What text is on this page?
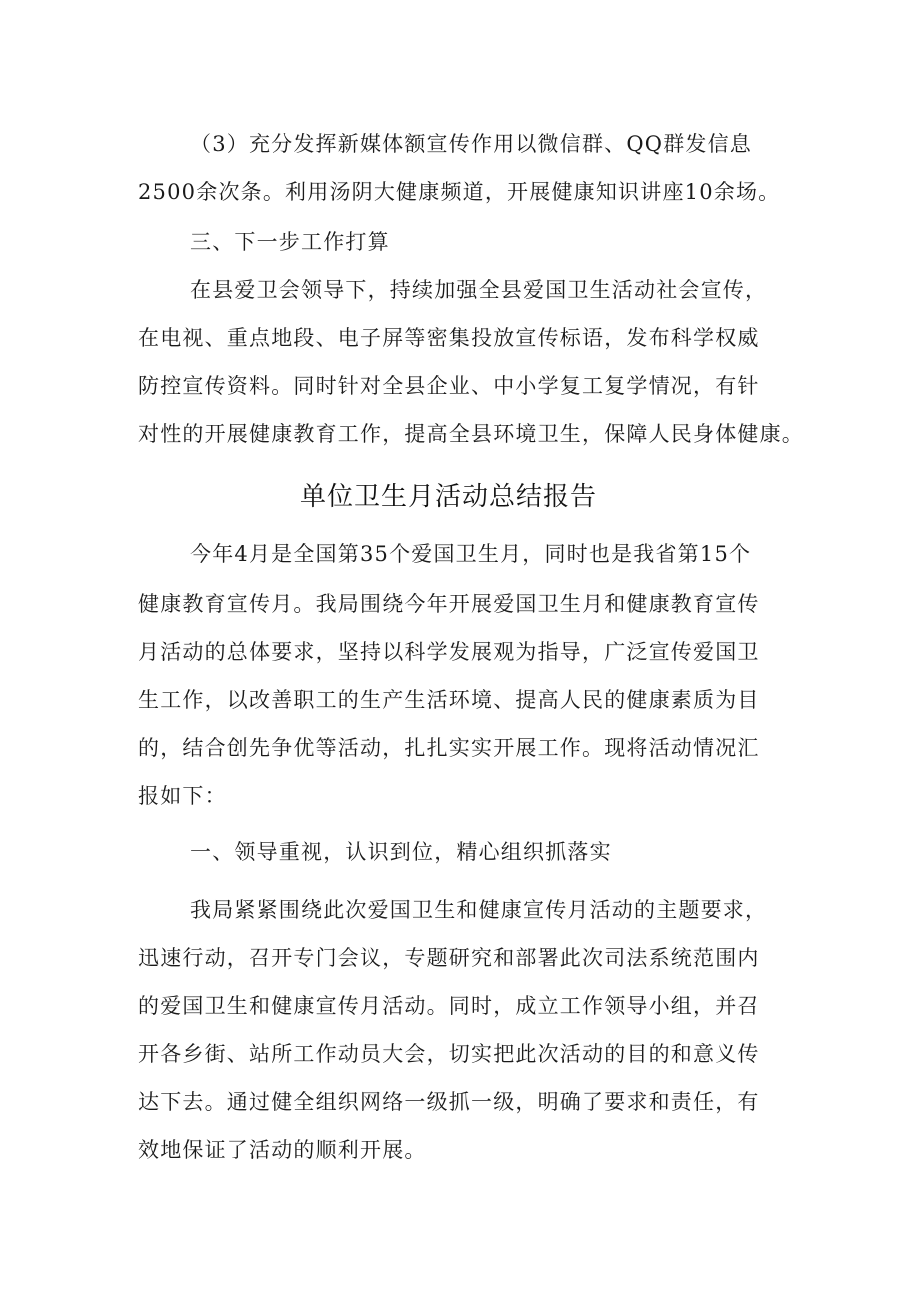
（3）充分发挥新媒体额宣传作用以微信群、QQ群发信息
2500余次条。利用汤阴大健康频道，开展健康知识讲座10余场。
三、下一步工作打算
在县爱卫会领导下，持续加强全县爱国卫生活动社会宣传，
在电视、重点地段、电子屏等密集投放宣传标语，发布科学权威
防控宣传资料。同时针对全县企业、中小学复工复学情况，有针
对性的开展健康教育工作，提高全县环境卫生，保障人民身体健康。
单位卫生月活动总结报告
今年4月是全国第35个爱国卫生月，同时也是我省第15个
健康教育宣传月。我局围绕今年开展爱国卫生月和健康教育宣传
月活动的总体要求，坚持以科学发展观为指导，广泛宣传爱国卫
生工作，以改善职工的生产生活环境、提高人民的健康素质为目
的，结合创先争优等活动，扎扎实实开展工作。现将活动情况汇
报如下：
一、领导重视，认识到位，精心组织抓落实
我局紧紧围绕此次爱国卫生和健康宣传月活动的主题要求，
迅速行动，召开专门会议，专题研究和部署此次司法系统范围内
的爱国卫生和健康宣传月活动。同时，成立工作领导小组，并召
开各乡街、站所工作动员大会，切实把此次活动的目的和意义传
达下去。通过健全组织网络一级抓一级，明确了要求和责任，有
效地保证了活动的顺利开展。
